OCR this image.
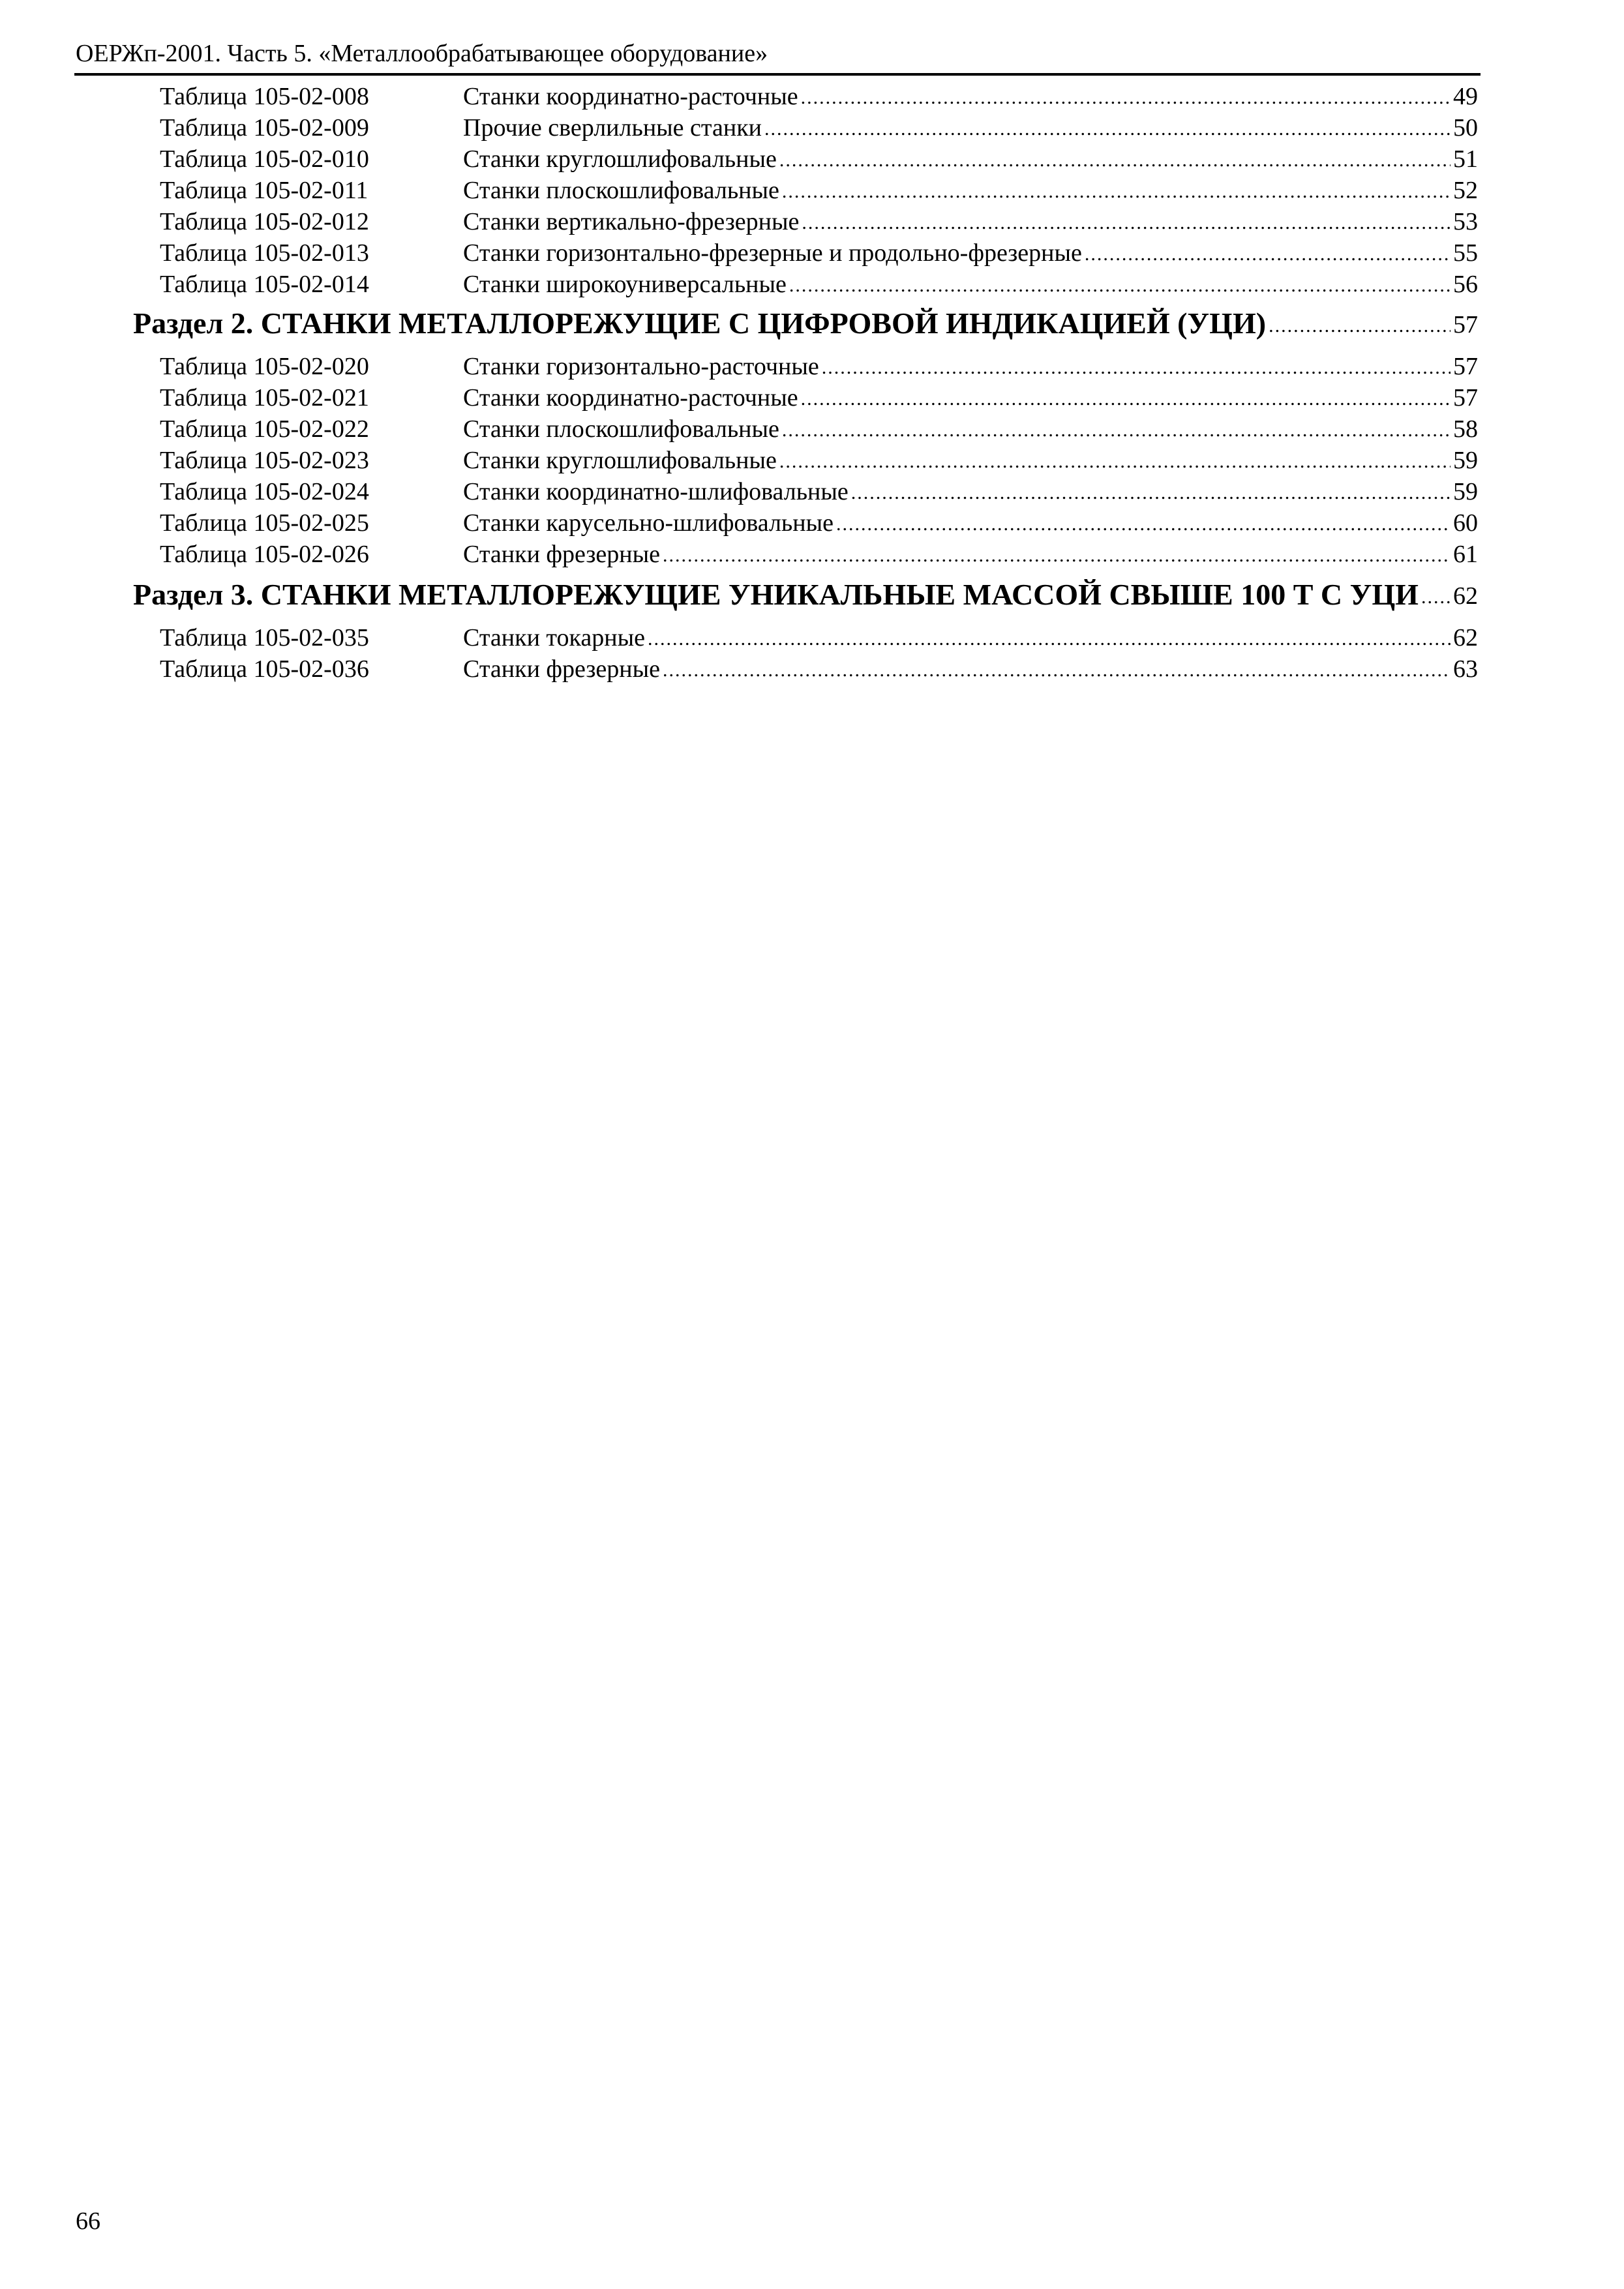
ОЕРЖп-2001. Часть 5. «Металлообрабатывающее оборудование»
Таблица 105-02-008	Станки координатно-расточные .....	49
Таблица 105-02-009	Прочие сверлильные станки .....	50
Таблица 105-02-010	Станки круглошлифовальные .....	51
Таблица 105-02-011	Станки плоскошлифовальные .....	52
Таблица 105-02-012	Станки вертикально-фрезерные .....	53
Таблица 105-02-013	Станки горизонтально-фрезерные и продольно-фрезерные .....	55
Таблица 105-02-014	Станки широкоуниверсальные .....	56
Раздел 2. СТАНКИ МЕТАЛЛОРЕЖУЩИЕ С ЦИФРОВОЙ ИНДИКАЦИЕЙ (УЦИ) .....	57
Таблица 105-02-020	Станки горизонтально-расточные .....	57
Таблица 105-02-021	Станки координатно-расточные .....	57
Таблица 105-02-022	Станки плоскошлифовальные .....	58
Таблица 105-02-023	Станки круглошлифовальные .....	59
Таблица 105-02-024	Станки координатно-шлифовальные .....	59
Таблица 105-02-025	Станки карусельно-шлифовальные .....	60
Таблица 105-02-026	Станки фрезерные .....	61
Раздел 3. СТАНКИ МЕТАЛЛОРЕЖУЩИЕ УНИКАЛЬНЫЕ МАССОЙ СВЫШЕ 100 Т С УЦИ ..... 62
Таблица 105-02-035	Станки токарные .....	62
Таблица 105-02-036	Станки фрезерные .....	63
66
